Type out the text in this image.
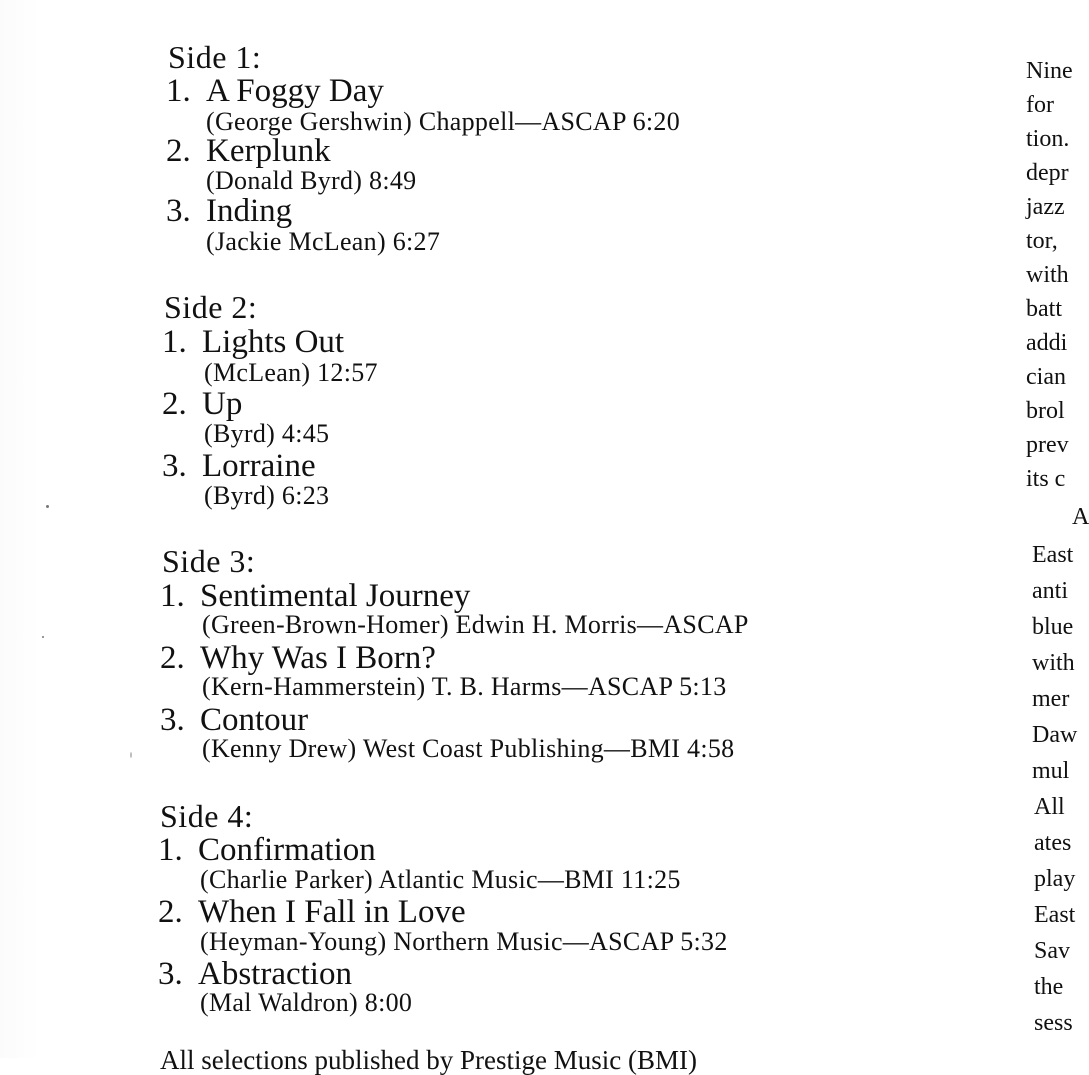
Side 1:
1. A Foggy Day
(George Gershwin) Chappell—ASCAP 6:20
2. Kerplunk
(Donald Byrd) 8:49
3. Inding
(Jackie McLean) 6:27
Side 2:
1. Lights Out
(McLean) 12:57
2. Up
(Byrd) 4:45
3. Lorraine
(Byrd) 6:23
Side 3:
1. Sentimental Journey
(Green-Brown-Homer) Edwin H. Morris—ASCAP
2. Why Was I Born?
(Kern-Hammerstein) T. B. Harms—ASCAP 5:13
3. Contour
(Kenny Drew) West Coast Publishing—BMI 4:58
Side 4:
1. Confirmation
(Charlie Parker) Atlantic Music—BMI 11:25
2. When I Fall in Love
(Heyman-Young) Northern Music—ASCAP 5:32
3. Abstraction
(Mal Waldron) 8:00
All selections published by Prestige Music (BMI)
Nine
for
tion.
depr
jazz
tor,
with
batt
addi
cian
brol
prev
its c
A
East
anti
blue
with
mer
Daw
mul
All
ates
play
East
Sav
the
sess
